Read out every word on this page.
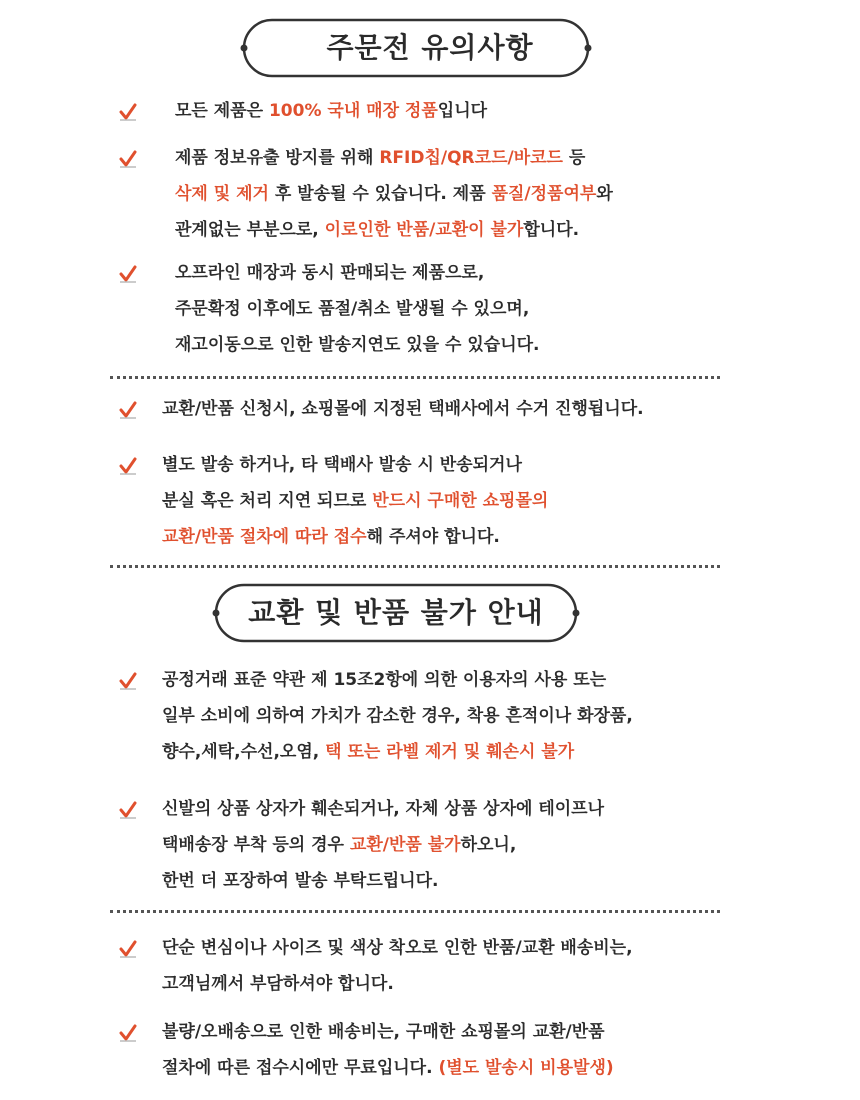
주문전 유의사항
모든 제품은 100% 국내 매장 정품입니다
제품 정보유출 방지를 위해 RFID칩/QR코드/바코드 등
삭제 및 제거 후 발송될 수 있습니다. 제품 품질/정품여부와
관계없는 부분으로, 이로인한 반품/교환이 불가합니다.
오프라인 매장과 동시 판매되는 제품으로,
주문확정 이후에도 품절/취소 발생될 수 있으며,
재고이동으로 인한 발송지연도 있을 수 있습니다.
교환/반품 신청시, 쇼핑몰에 지정된 택배사에서 수거 진행됩니다.
별도 발송 하거나, 타 택배사 발송 시 반송되거나
분실 혹은 처리 지연 되므로 반드시 구매한 쇼핑몰의
교환/반품 절차에 따라 접수해 주셔야 합니다.
교환 및 반품 불가 안내
공정거래 표준 약관 제 15조2항에 의한 이용자의 사용 또는
일부 소비에 의하여 가치가 감소한 경우, 착용 흔적이나 화장품,
향수,세탁,수선,오염, 택 또는 라벨 제거 및 훼손시 불가
신발의 상품 상자가 훼손되거나, 자체 상품 상자에 테이프나
택배송장 부착 등의 경우 교환/반품 불가하오니,
한번 더 포장하여 발송 부탁드립니다.
단순 변심이나 사이즈 및 색상 착오로 인한 반품/교환 배송비는,
고객님께서 부담하셔야 합니다.
불량/오배송으로 인한 배송비는, 구매한 쇼핑몰의 교환/반품
절차에 따른 접수시에만 무료입니다. (별도 발송시 비용발생)
